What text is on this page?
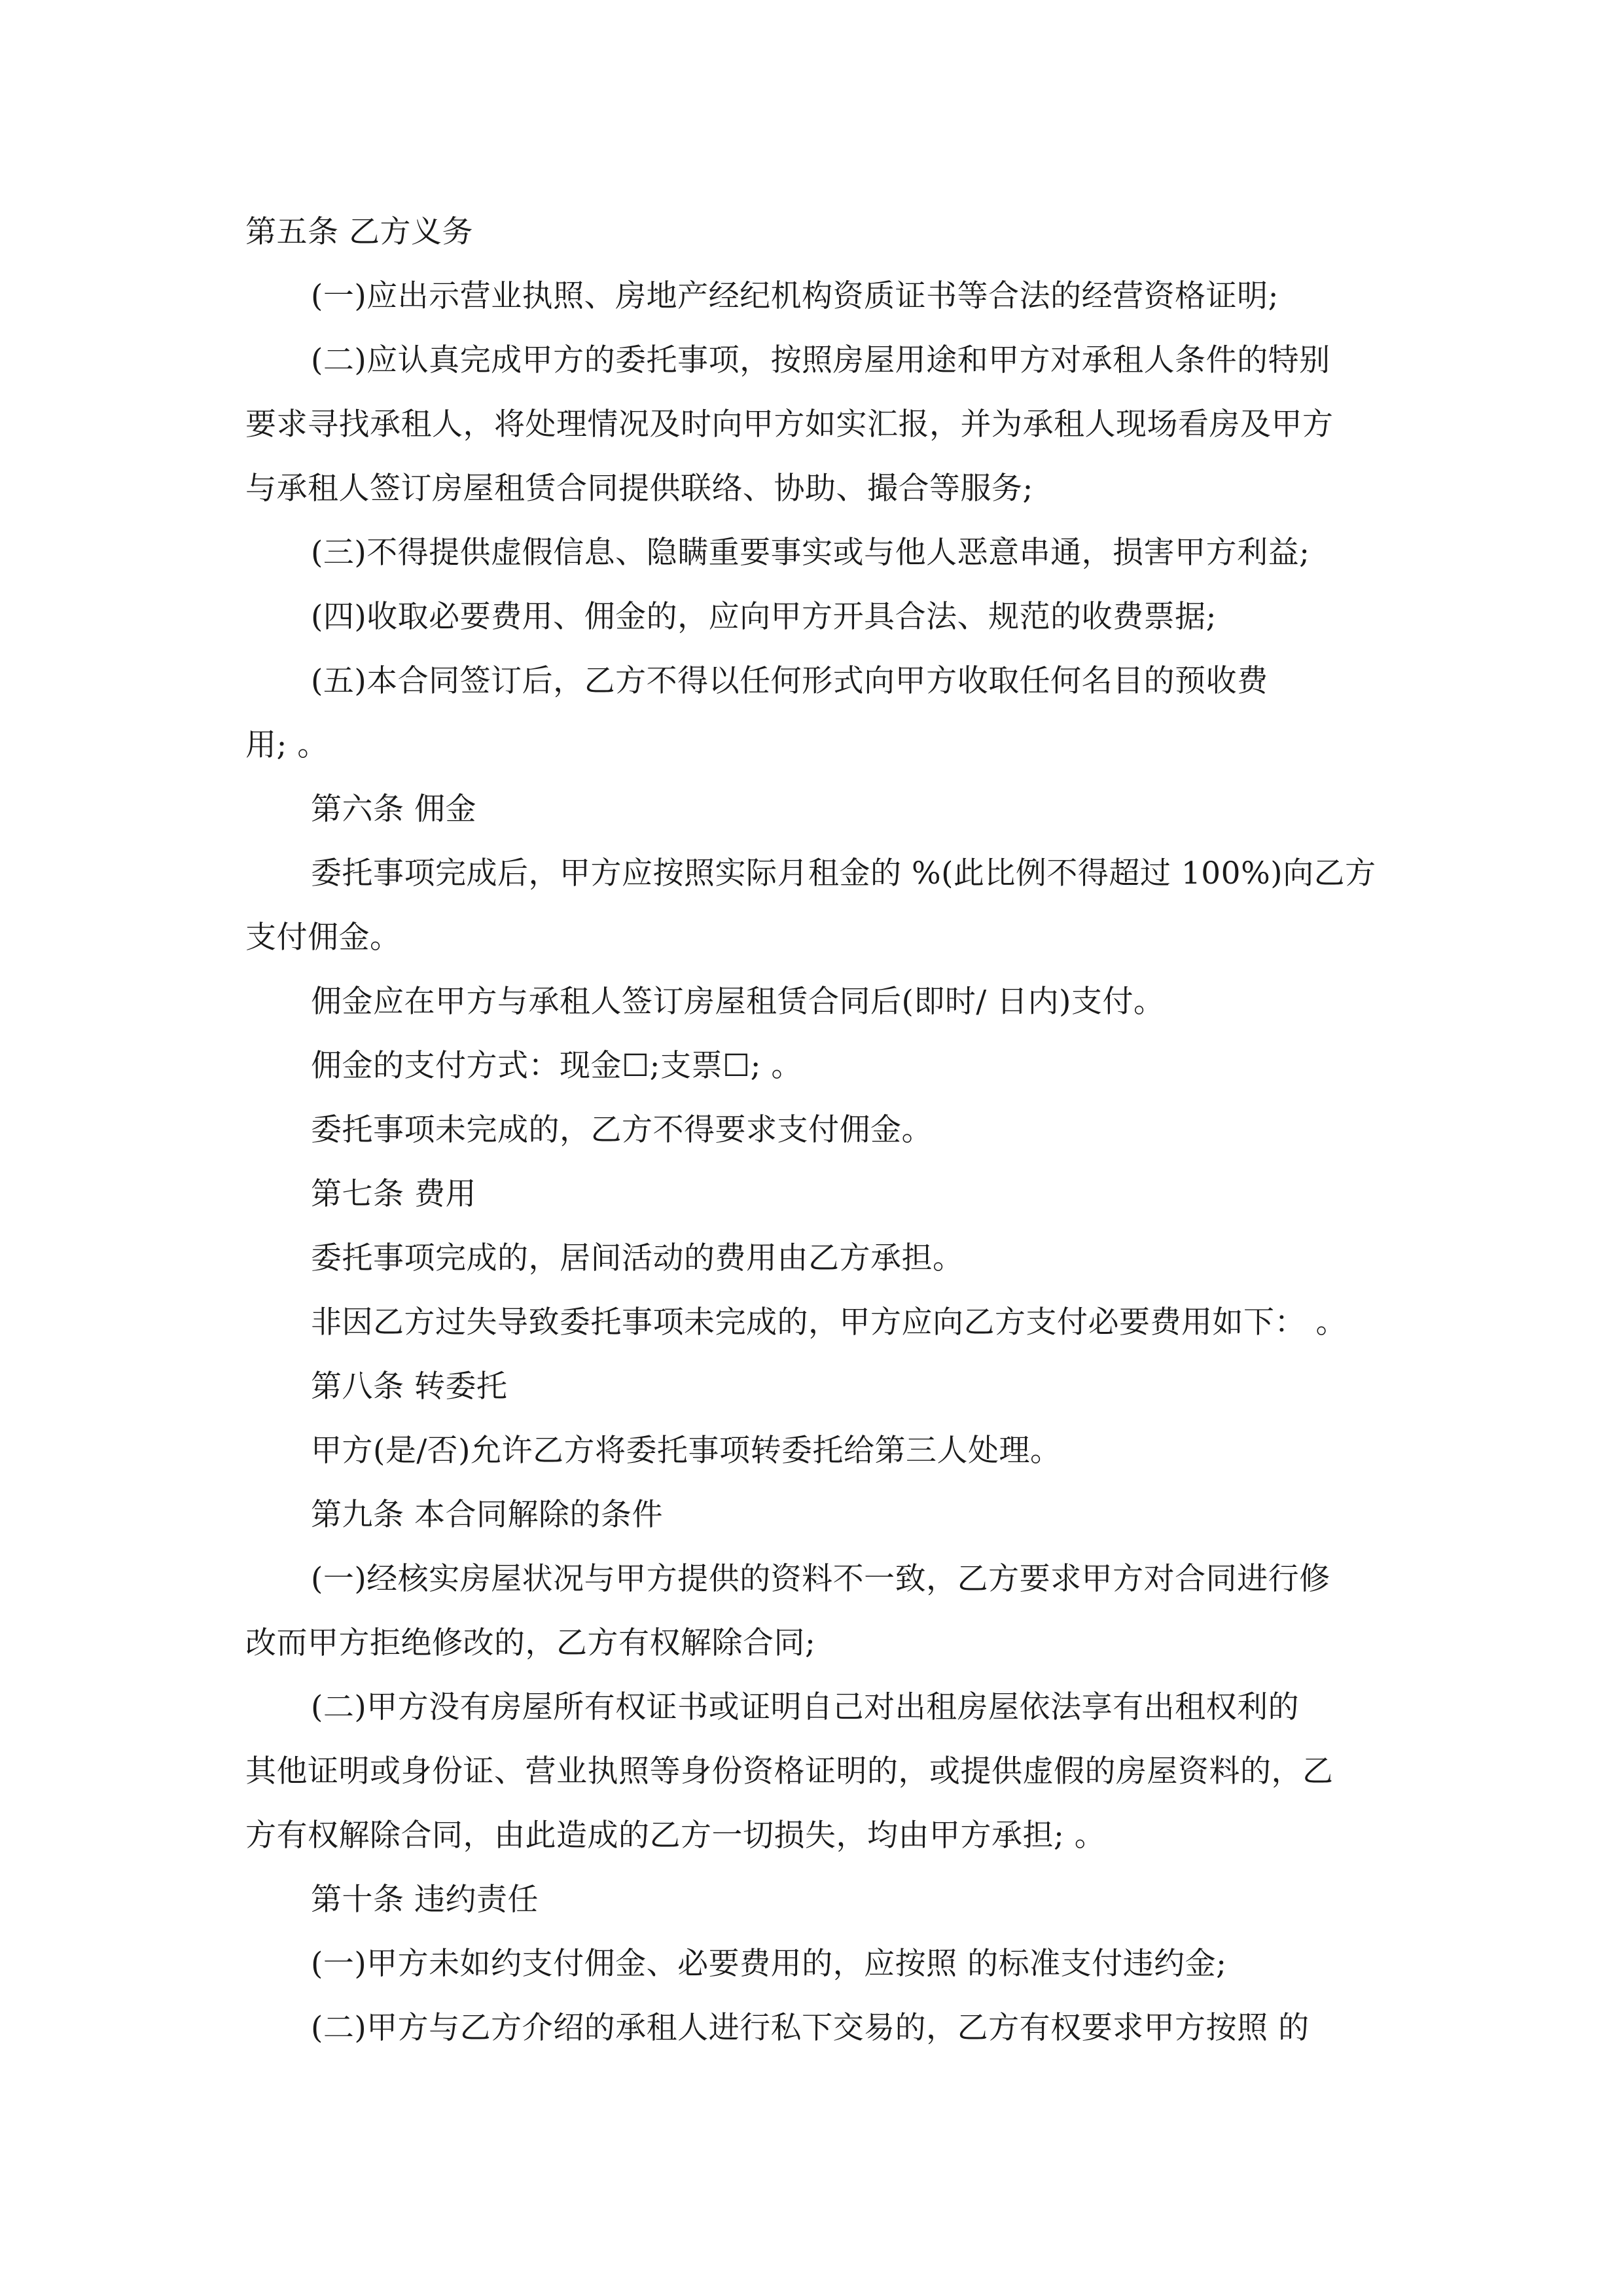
第五条 乙方义务
(一)应出示营业执照、房地产经纪机构资质证书等合法的经营资格证明;
(二)应认真完成甲方的委托事项，按照房屋用途和甲方对承租人条件的特别
要求寻找承租人，将处理情况及时向甲方如实汇报，并为承租人现场看房及甲方
与承租人签订房屋租赁合同提供联络、协助、撮合等服务;
(三)不得提供虚假信息、隐瞒重要事实或与他人恶意串通，损害甲方利益;
(四)收取必要费用、佣金的，应向甲方开具合法、规范的收费票据;
(五)本合同签订后，乙方不得以任何形式向甲方收取任何名目的预收费
用; 。
第六条 佣金
委托事项完成后，甲方应按照实际月租金的 %(此比例不得超过 100%)向乙方
支付佣金。
佣金应在甲方与承租人签订房屋租赁合同后(即时/ 日内)支付。
佣金的支付方式：现金☐;支票☐; 。
委托事项未完成的，乙方不得要求支付佣金。
第七条 费用
委托事项完成的，居间活动的费用由乙方承担。
非因乙方过失导致委托事项未完成的，甲方应向乙方支付必要费用如下： 。
第八条 转委托
甲方(是/否)允许乙方将委托事项转委托给第三人处理。
第九条 本合同解除的条件
(一)经核实房屋状况与甲方提供的资料不一致，乙方要求甲方对合同进行修
改而甲方拒绝修改的，乙方有权解除合同;
(二)甲方没有房屋所有权证书或证明自己对出租房屋依法享有出租权利的
其他证明或身份证、营业执照等身份资格证明的，或提供虚假的房屋资料的，乙
方有权解除合同，由此造成的乙方一切损失，均由甲方承担; 。
第十条 违约责任
(一)甲方未如约支付佣金、必要费用的，应按照 的标准支付违约金;
(二)甲方与乙方介绍的承租人进行私下交易的，乙方有权要求甲方按照 的
